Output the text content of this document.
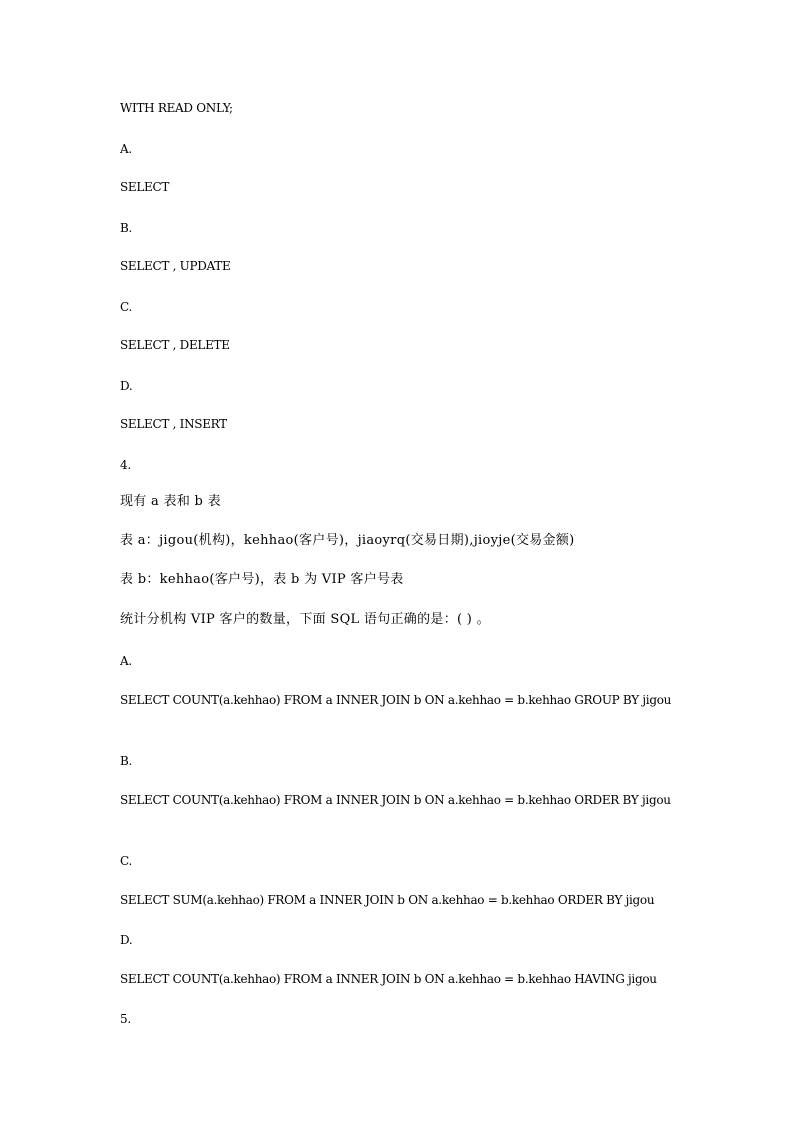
WITH READ ONLY;

A.

SELECT

B.

SELECT , UPDATE

C.

SELECT , DELETE

D.

SELECT , INSERT

4.

现有 a 表和 b 表

表 a：jigou(机构)，kehhao(客户号)，jiaoyrq(交易日期),jioyje(交易金额)

表 b：kehhao(客户号)，表 b 为 VIP 客户号表

统计分机构 VIP 客户的数量，下面 SQL 语句正确的是：( ) 。

A.

SELECT COUNT(a.kehhao) FROM a INNER JOIN b ON a.kehhao = b.kehhao GROUP BY jigou

B.

SELECT COUNT(a.kehhao) FROM a INNER JOIN b ON a.kehhao = b.kehhao ORDER BY jigou

C.

SELECT SUM(a.kehhao) FROM a INNER JOIN b ON a.kehhao = b.kehhao ORDER BY jigou

D.

SELECT COUNT(a.kehhao) FROM a INNER JOIN b ON a.kehhao = b.kehhao HAVING jigou

5.
